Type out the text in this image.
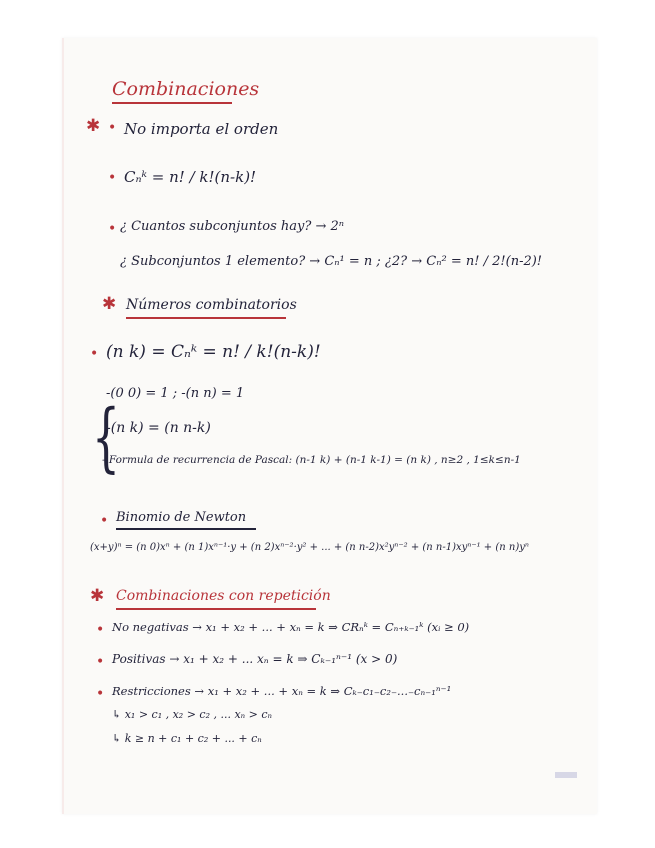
Combinaciones
✱ • No importa el orden
• Cₙᵏ = n! / k!(n-k)!
• ¿ Cuantos subconjuntos hay? → 2ⁿ
¿ Subconjuntos 1 elemento? → Cₙ¹ = n ; ¿2? → Cₙ² = n! / 2!(n-2)!
✱ Números combinatorios
• (n k) = Cₙᵏ = n! / k!(n-k)!
{
-(0 0) = 1 ; -(n n) = 1
-(n k) = (n n-k)
- Formula de recurrencia de Pascal: (n-1 k) + (n-1 k-1) = (n k) , n≥2 , 1≤k≤n-1
• Binomio de Newton
(x+y)ⁿ = (n 0)xⁿ + (n 1)xⁿ⁻¹·y + (n 2)xⁿ⁻²·y² + ... + (n n-2)x²yⁿ⁻² + (n n-1)xyⁿ⁻¹ + (n n)yⁿ
✱ Combinaciones con repetición
• No negativas → x₁ + x₂ + ... + xₙ = k ⇒ CRₙᵏ = Cₙ₊ₖ₋₁ᵏ (xᵢ ≥ 0)
• Positivas → x₁ + x₂ + ... xₙ = k ⇒ Cₖ₋₁ⁿ⁻¹ (x > 0)
• Restricciones → x₁ + x₂ + ... + xₙ = k ⇒ Cₖ₋c₁₋c₂₋...₋cₙ₋₁ⁿ⁻¹
↳ x₁ > c₁ , x₂ > c₂ , ... xₙ > cₙ
↳ k ≥ n + c₁ + c₂ + ... + cₙ
